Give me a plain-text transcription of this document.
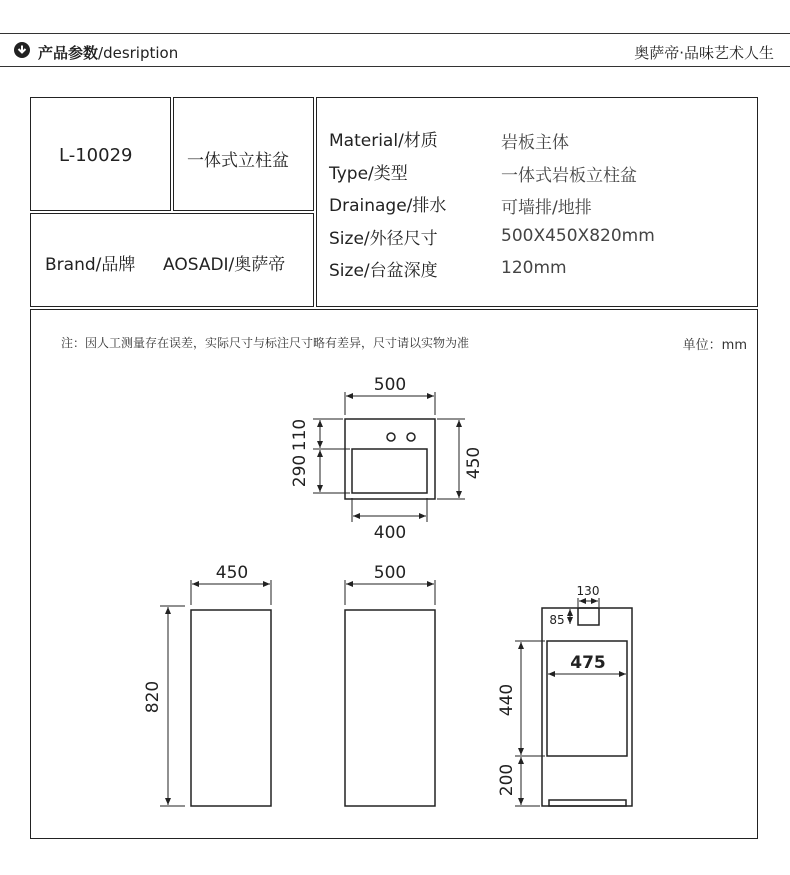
产品参数/desription	奥萨帝·品味艺术人生
L-10029	一体式立柱盆
Brand/品牌 AOSADI/奥萨帝
Material/材质	岩板主体
Type/类型	一体式岩板立柱盆
Drainage/排水	可墙排/地排
Size/外径尺寸	500X450X820mm
Size/台盆深度	120mm
注：因人工测量存在误差，实际尺寸与标注尺寸略有差异，尺寸请以实物为准	单位：mm
500
400
450
110
290
450
820
500
130
85
475
440
200
